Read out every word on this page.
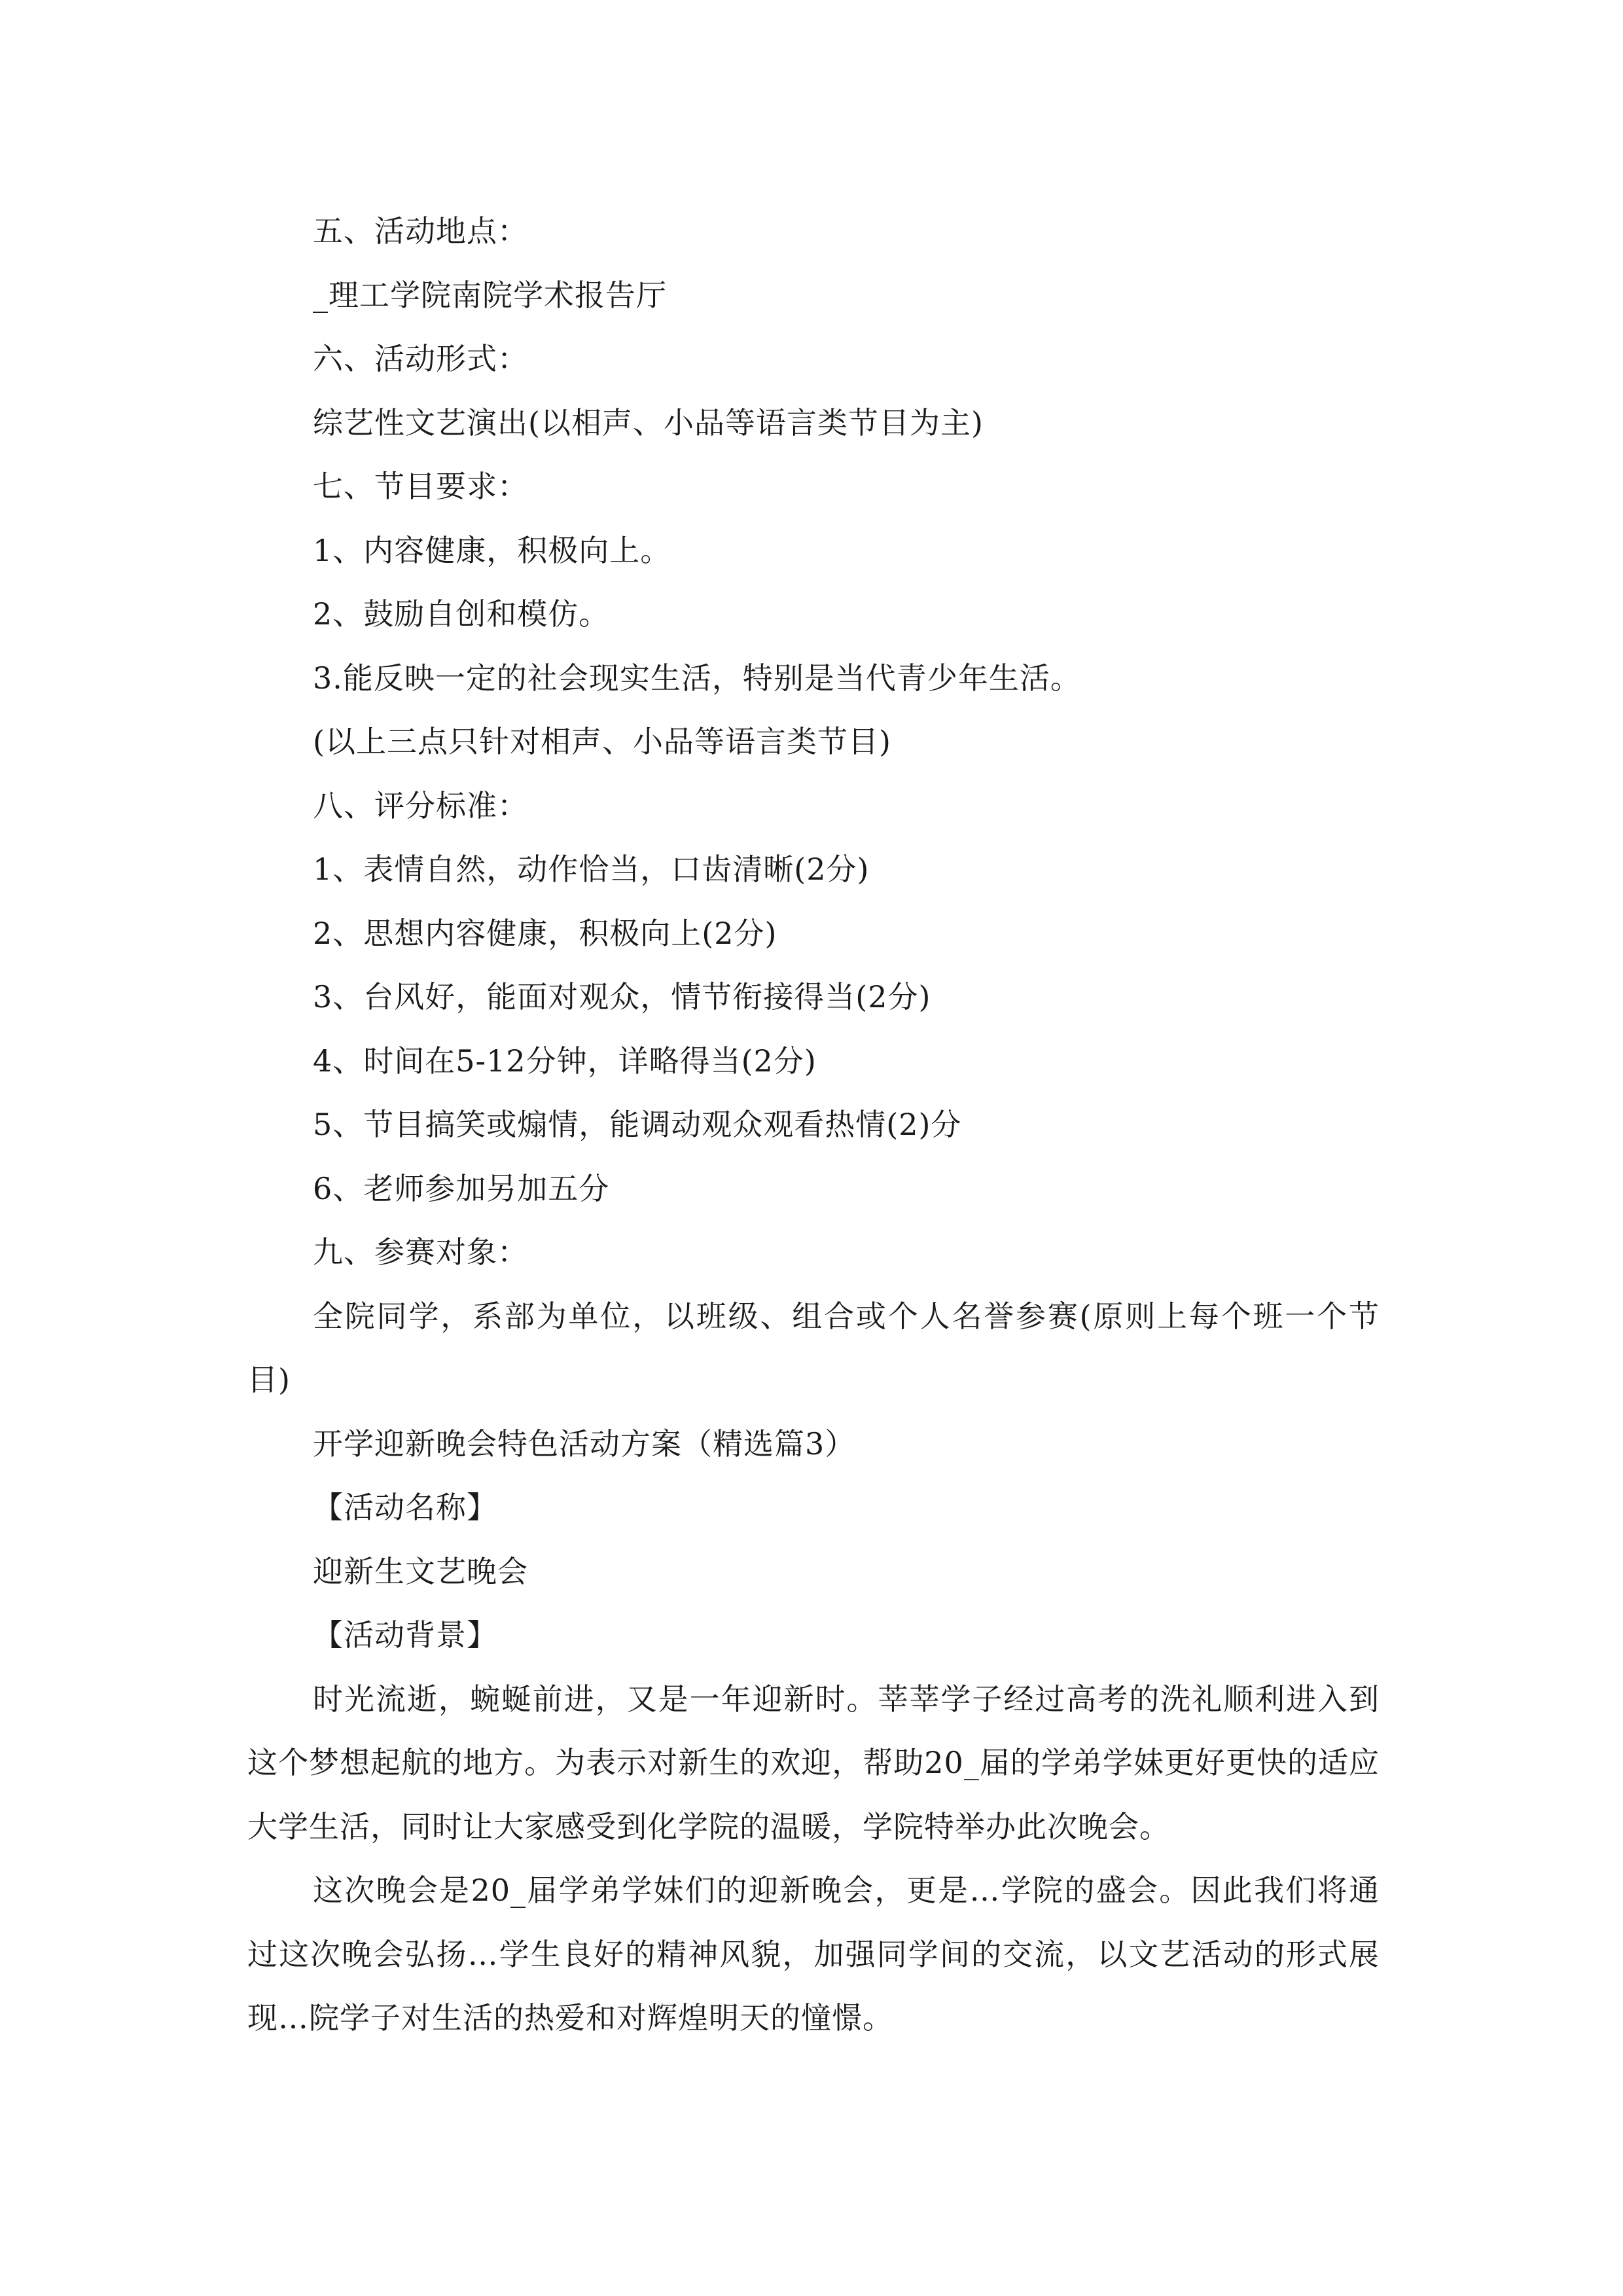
五、活动地点：

_理工学院南院学术报告厅

六、活动形式：

综艺性文艺演出(以相声、小品等语言类节目为主)

七、节目要求：

1、内容健康，积极向上。

2、鼓励自创和模仿。

3.能反映一定的社会现实生活，特别是当代青少年生活。

(以上三点只针对相声、小品等语言类节目)

八、评分标准：

1、表情自然，动作恰当，口齿清晰(2分)

2、思想内容健康，积极向上(2分)

3、台风好，能面对观众，情节衔接得当(2分)

4、时间在5-12分钟，详略得当(2分)

5、节目搞笑或煽情，能调动观众观看热情(2)分

6、老师参加另加五分

九、参赛对象：

全院同学，系部为单位，以班级、组合或个人名誉参赛(原则上每个班一个节目)

开学迎新晚会特色活动方案（精选篇3）

【活动名称】

迎新生文艺晚会

【活动背景】

时光流逝，蜿蜒前进，又是一年迎新时。莘莘学子经过高考的洗礼顺利进入到这个梦想起航的地方。为表示对新生的欢迎，帮助20_届的学弟学妹更好更快的适应大学生活，同时让大家感受到化学院的温暖，学院特举办此次晚会。

这次晚会是20_届学弟学妹们的迎新晚会，更是…学院的盛会。因此我们将通过这次晚会弘扬…学生良好的精神风貌，加强同学间的交流，以文艺活动的形式展现…院学子对生活的热爱和对辉煌明天的憧憬。
